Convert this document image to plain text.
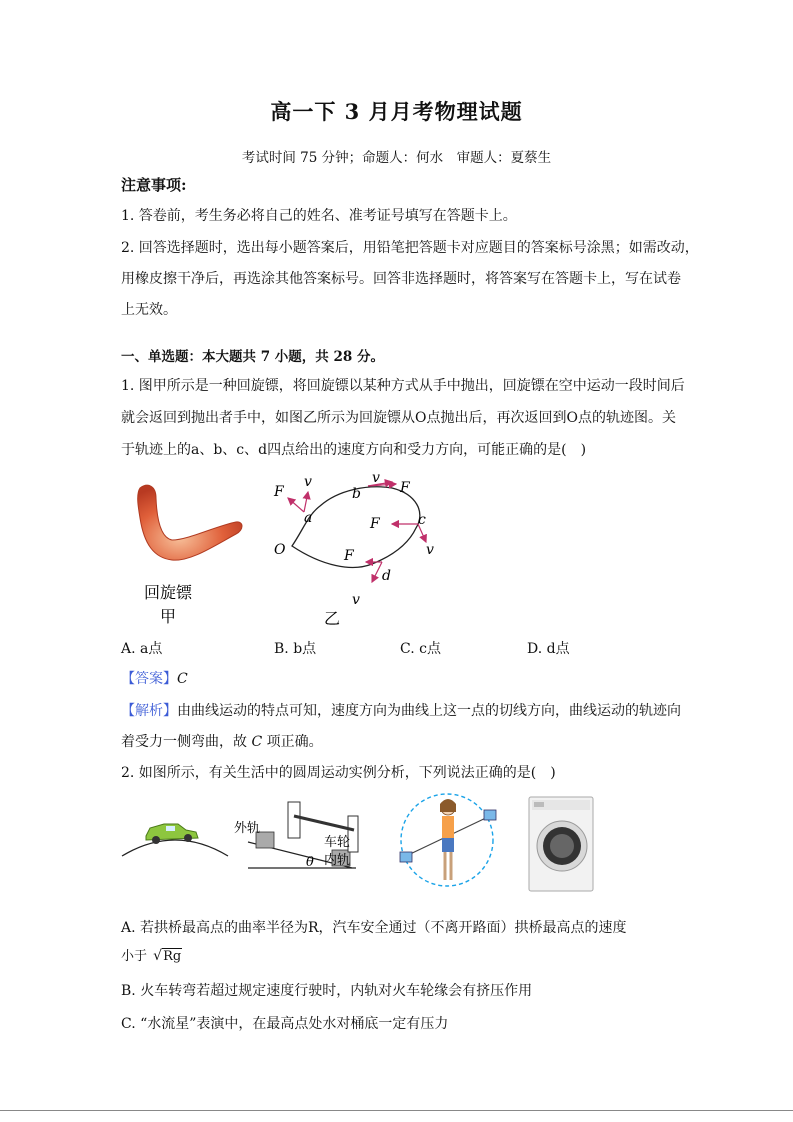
高一下 3 月月考物理试题
考试时间 75 分钟；命题人：何水　审题人：夏蔡生
注意事项:
1. 答卷前，考生务必将自己的姓名、准考证号填写在答题卡上。
2. 回答选择题时，选出每小题答案后，用铅笔把答题卡对应题目的答案标号涂黑；如需改动，
用橡皮擦干净后，再选涂其他答案标号。回答非选择题时，将答案写在答题卡上，写在试卷
上无效。
一、单选题：本大题共 7 小题，共 28 分。
1. 图甲所示是一种回旋镖，将回旋镖以某种方式从手中抛出，回旋镖在空中运动一段时间后
就会返回到抛出者手中，如图乙所示为回旋镖从O点抛出后，再次返回到O点的轨迹图。关
于轨迹上的a、b、c、d四点给出的速度方向和受力方向，可能正确的是(　)
回旋镖
甲
O
a
b
c
d
F
v	v
F
F
v
F
v
乙
A. a点	B. b点	C. c点	D. d点
【答案】C
【解析】由曲线运动的特点可知，速度方向为曲线上这一点的切线方向，曲线运动的轨迹向
着受力一侧弯曲，故 C 项正确。
2. 如图所示，有关生活中的圆周运动实例分析，下列说法正确的是(　)
外轨
车轮
内轨
θ
A. 若拱桥最高点的曲率半径为R，汽车安全通过（不离开路面）拱桥最高点的速度
小于 √Rg
B. 火车转弯若超过规定速度行驶时，内轨对火车轮缘会有挤压作用
C. “水流星”表演中，在最高点处水对桶底一定有压力
